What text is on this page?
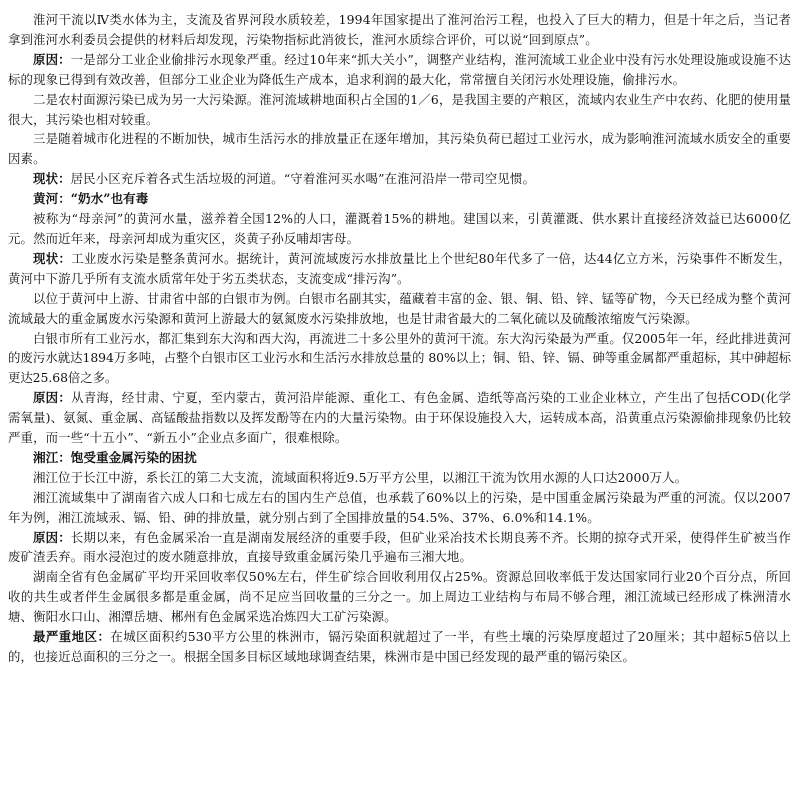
淮河干流以Ⅳ类水体为主，支流及省界河段水质较差，1994年国家提出了淮河治污工程，也投入了巨大的精力，但是十年之后，当记者拿到淮河水利委员会提供的材料后却发现，污染物指标此消彼长，淮河水质综合评价，可以说“回到原点”。

原因：一是部分工业企业偷排污水现象严重。经过10年来“抓大关小”，调整产业结构，淮河流域工业企业中没有污水处理设施或设施不达标的现象已得到有效改善，但部分工业企业为降低生产成本，追求利润的最大化，常常擅自关闭污水处理设施，偷排污水。

二是农村面源污染已成为另一大污染源。淮河流域耕地面积占全国的1／6，是我国主要的产粮区，流域内农业生产中农药、化肥的使用量很大，其污染也相对较重。

三是随着城市化进程的不断加快，城市生活污水的排放量正在逐年增加，其污染负荷已超过工业污水，成为影响淮河流域水质安全的重要因素。

现状：居民小区充斥着各式生活垃圾的河道。“守着淮河买水喝”在淮河沿岸一带司空见惯。

黄河：“奶水”也有毒

被称为“母亲河”的黄河水量，滋养着全国12%的人口，灌溉着15%的耕地。建国以来，引黄灌溉、供水累计直接经济效益已达6000亿元。然而近年来，母亲河却成为重灾区，炎黄子孙反哺却害母。

现状：工业废水污染是整条黄河水。据统计，黄河流域废污水排放量比上个世纪80年代多了一倍，达44亿立方米，污染事件不断发生，黄河中下游几乎所有支流水质常年处于劣五类状态，支流变成“排污沟”。

以位于黄河中上游、甘肃省中部的白银市为例。白银市名副其实，蕴藏着丰富的金、银、铜、铅、锌、锰等矿物，今天已经成为整个黄河流域最大的重金属废水污染源和黄河上游最大的氨氮废水污染排放地，也是甘肃省最大的二氧化硫以及硫酸浓缩废气污染源。

白银市所有工业污水，都汇集到东大沟和西大沟，再流进二十多公里外的黄河干流。东大沟污染最为严重。仅2005年一年，经此排进黄河的废污水就达1894万多吨，占整个白银市区工业污水和生活污水排放总量的 80%以上；铜、铅、锌、镉、砷等重金属都严重超标，其中砷超标更达25.68倍之多。

原因：从青海，经甘肃、宁夏，至内蒙古，黄河沿岸能源、重化工、有色金属、造纸等高污染的工业企业林立，产生出了包括COD(化学需氧量)、氨氮、重金属、高锰酸盐指数以及挥发酚等在内的大量污染物。由于环保设施投入大，运转成本高，沿黄重点污染源偷排现象仍比较严重，而一些“十五小”、“新五小”企业点多面广，很难根除。

湘江：饱受重金属污染的困扰

湘江位于长江中游，系长江的第二大支流，流域面积将近9.5万平方公里，以湘江干流为饮用水源的人口达2000万人。

湘江流域集中了湖南省六成人口和七成左右的国内生产总值，也承载了60%以上的污染，是中国重金属污染最为严重的河流。仅以2007年为例，湘江流域汞、镉、铅、砷的排放量，就分别占到了全国排放量的54.5%、37%、6.0%和14.1%。

原因：长期以来，有色金属采冶一直是湖南发展经济的重要手段，但矿业采冶技术长期良莠不齐。长期的掠夺式开采，使得伴生矿被当作废矿渣丢弃。雨水浸泡过的废水随意排放，直接导致重金属污染几乎遍布三湘大地。

湖南全省有色金属矿平均开采回收率仅50%左右，伴生矿综合回收利用仅占25%。资源总回收率低于发达国家同行业20个百分点，所回收的共生或者伴生金属很多都是重金属，尚不足应当回收量的三分之一。加上周边工业结构与布局不够合理，湘江流域已经形成了株洲清水塘、衡阳水口山、湘潭岳塘、郴州有色金属采选冶炼四大工矿污染源。

最严重地区：在城区面积约530平方公里的株洲市，镉污染面积就超过了一半，有些土壤的污染厚度超过了20厘米；其中超标5倍以上的，也接近总面积的三分之一。根据全国多目标区域地球调查结果，株洲市是中国已经发现的最严重的镉污染区。
